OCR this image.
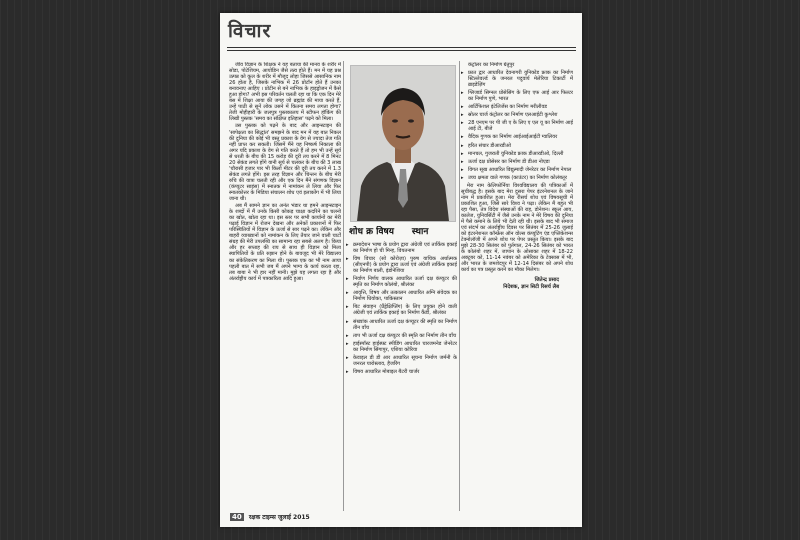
विचार

जीव विज्ञान के शिक्षक ने यह बताया की मानव के शरीर में सोडा, पोटेशियम, आयोडिन जैसे तत्व होते हैं। मन में यह प्रश्न उत्पन्न को कुल के शरीर में मौजूद लोहा जिससे आसानिक नाम 26 होता है, जिसके नाभिक में 26 प्रोटॉन होते हैं उनका बनावनाए आहिए । प्रोटीन से बने नाभिक के हाइड्रोजन में कैसे हुआ होगा? अभी इस परिवर्तन चलती रहा था कि एक दिन मेरे बस में शिक्षा आया की जगह जो ब्रह्मांड की माया करते हैं, उन्हें पाठी से सुनें लोक उसने में कितना समय लगता होगा? तेजी मोहीहारी के जलपुत्र पुस्तकालय में स्टीफन हॉकिंग की लिखी पुस्तक 'समय का संक्षिप्त इतिहास' पढ़ने को मिला।

उस पुस्तक को पढ़ने के बाद और आइन्स्टाइन की 'सापेक्षता का सिद्धांत' समझने के बाद मन में यह बात निकल की दुनिया की कोई भी वस्तु प्रकाश के वेग से ज्यादा तेज गति नहीं प्राप्त कर सकती। जिसमें मैंने यह निष्कर्ष निकाला की अगर यदि प्रकाश के वेग से गति करते हैं तो हम भी उन्हें सूर्य से धरती के बीच की 15 करोड़ की दूरी तय करने में 8 मिनट 20 सेकंड लगते होंगे यानी सूर्य से चलकर के बीच की 3 लाख 'चौरासी हजार पार भी किलो मीटर की दूरी तय करने में 1.3 सेकंड लगते होंगे। इस तरह विज्ञान और चिन्तन के बीच मेरी रुचि की यात्रा चलती रही और एक दिन मैंने संगणक विज्ञान (कंप्यूटर साइंस) में स्नातक में नामांकन ले लिया और फिर स्नातकोत्तर के मिडिया संचालन शोध एवं इलाकोंग में भी लिया जाना थी।

अब मैं सामने ज्ञान का अनंत भंडार था हमने आइन्स्टाइन के शब्दों में मैं उनके किसी कोकड़ चाक्षा कदरिने का चलनो का खोत, खोता रहा था। इस स्तर पर सभी कार्यानों का मेरी पढ़ाई विज्ञान में रोजन देखना और अनेकों प्रकाशनों में फिर परिस्थितियों में विज्ञान के ऊर्जा से सार पढ़ने का। लेकिन और बाहरी व्याख्यानों को नामांकन के लिए तैयार जाने वाली चार्टों संग्रह की मेरी उपलब्धि का सामान्य रहा सबसे अलग है। किया और हर सप्ताह की राय से साथ ही विज्ञान को मिला स्थापितियों के प्रति रुझान होने के बावजूद भी मेरे विद्यालय का संकेतिकरण का मिला थी। पुस्तक एक का भी नाम आया पहली बात में सभी जब मैं अपने भाग्य के कार्य करता रहा, तब बाबा ने भी हार नहीं मानी। मुझे यह लगता रहा है और अंतर्राष्ट्रीय कार्य में पत्रकारिता आदि हुआ।

शोध क्र विषय स्थान
▸ क्रमादेशन भाषा के प्रयोग द्वारा अंग्रेजी एवं तार्किक इकाई का निर्माण हो ची मिन्ह, वियतनाम
▸ विष विचार (सो कोरोज़ा) पुरुष याचिक अर्थात्मक (सीएनपी) के प्रयोग द्वारा ऊर्जा एवं अंग्रेजी तार्किक इकाई का निर्माण बाली, इंडोनेशिया
▸ निर्वाण निर्णय वालक आधारित ऊर्जा दक्ष कंप्यूटर की स्मृति का निर्माण कोलंबो, श्रीलंका
▸ आवृत्ति, विषय और तत्कालन आधारित अग्नि संवेदक का निर्माण धियोका, पाकिस्तान
▸ बिट संवाहन (प्रैंड्रेक्षिप्तिंग) के लिए प्रयुक्त होने वाली अंग्रेजी एवं तार्किक इकाई का निर्माण कैंडी, श्रीलंका
▸ संख्यांक आधारित ऊर्जा दक्ष कंप्यूटर की स्मृति का निर्माण तीन वाँच
▸ ताप भी ऊर्जा दक्ष कंप्यूटर की स्मृति का निर्माण तीन वाँच
▸ हाईस्पॉस्ट हाईस्फ़्ट स्पीडिंग आधारित चारजमनेड जेनरेटर का निर्माण सिंगापुर, एशिया कोरिया
▸ केवाइल डी डी आर आधारित सूचना निर्माण जर्मनी के जनरल यारोस्लाव, हैजरिंग
▸ विषय आधारित मोबाइल बैटरी चार्जर
कंट्रोलर का निर्माण ग्रेतुपुर
▸ फ्रात द्वार आधारित देवनागरी युनिकोड फ्राक का निर्माण स्टिल्लेवर्ल्ड के जनरल पदुवार्य मेलेरिया टिकार्टी में ब्राइडेज़िंग
▸ ग्लिजार्ड सिग्नल प्रोसेसिंग के लिए एफ आई आर फिल्टर का निर्माण पुणे, भारत
▸ आर्टिफिशल इंटेलिजेंस का निर्माण मरीलीवड
▸ स्रोतर चार्ज कंट्रोलर का निर्माण एलआईटी कुश्लेश
▸ 28 एनएम पर पी जी ए के लिए ए एल यू का निर्माण आई आई टी, बीजे
▸ वैदिक गुणक का निर्माण आईआईआईटी ग्वालियर
▸ हरित संचार डीआरडीओ
▸ मानचल, गुजराती युनिकोड फ्राक डीआरडीओ, दिल्ली
▸ ऊर्जा दक्ष प्रोसेसर का निर्माण डी डीआ नोएडा
▸ विगत सूख आधारित विद्युत्मादी जेनरेटर का निर्माण नेपाल
▸ उच्च क्षमता वाले गणक (काउंटर) का निर्माण कोलंबतूर

मेरा नाम केलिफोर्निया विश्वविद्यालय की पत्रिकाओं में सूचीबद्ध है। इसके बाद मेरा दुसरा पेपर इंटरनेशनल के जाने नाम में प्रकाशित हुआ। मेरा रीसर्च शोध एवं विषयसूची में प्रकाशित हुआ, जिसे सारे विश्व ने पढ़ा। लेकिन मैं बहुत भी रहा पैसा, तंत्र विदेश संस्थाओं की राह, डोनेशन। स्कूल आय, कालेज, युनिवर्सिटी में जैसे उनके नाम ने मेरे विषय की दुनिया में पैसे कमाने के लिये भी देती रही थी। इसके बाद भी समाज एवं संदर्भ का अंतर्राष्ट्रीय दिवस पर सितंबर में 25-26 जुलाई को इंटरनेशनल कॉन्फ्रेंस ऑन वोल्स कंप्यूटिंग एंड एप्लिकेशन्स टेक्नोलॉजी में अपने शोध पर पेपर प्रस्तुत किया। इसके बाद मुझे 28-30 सितंबर को पुर्तगाल, 24-26 सितंबर को भारत के कोलंबो शहर में, जापान के ओसाका शहर में 18-22 अक्टूबर को, 11-14 नवंबर को अमेरिका के टेक्सास में भी, और भारत के जमशेदपुर में 12-14 दिसंबर को अपने शोध कार्य का पत्र प्रस्तुत करने का मौका मिलेगा।

जितेन्द्र प्रसाद
निदेशक, ज्ञान सिटी रिसर्च लैब
40 रक्षक टाइम्स जुलाई 2015
